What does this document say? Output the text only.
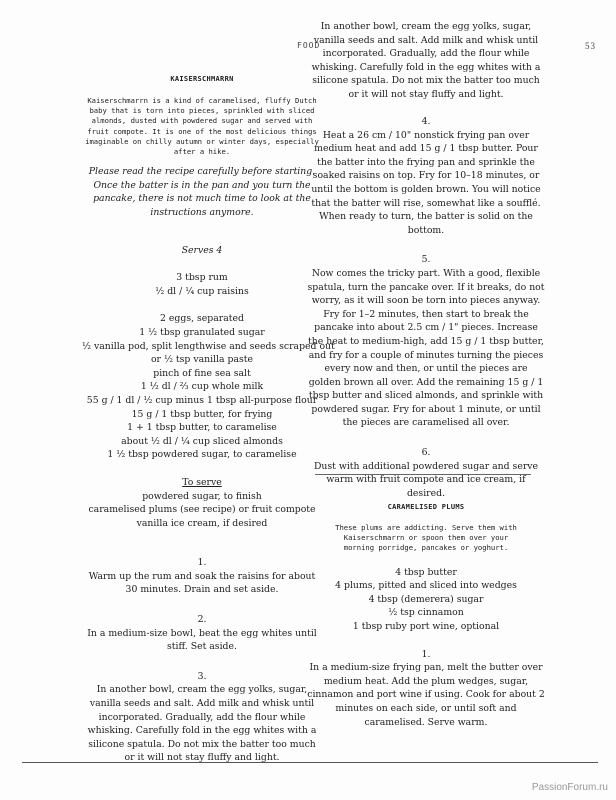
FOOD	53

KAISERSCHMARRN

Kaiserschmarrn is a kind of caramelised, fluffy Dutch baby that is torn into pieces, sprinkled with sliced almonds, dusted with powdered sugar and served with fruit compote. It is one of the most delicious things imaginable on chilly autumn or winter days, especially after a hike.

Please read the recipe carefully before starting. Once the batter is in the pan and you turn the pancake, there is not much time to look at the instructions anymore.

Serves 4

3 tbsp rum

½ dl / ¼ cup raisins

2 eggs, separated

1 ½ tbsp granulated sugar

½ vanilla pod, split lengthwise and seeds scraped out

or ½ tsp vanilla paste

pinch of fine sea salt

1 ½ dl / ⅔ cup whole milk

55 g / 1 dl / ½ cup minus 1 tbsp all-purpose flour

15 g / 1 tbsp butter, for frying

1 + 1 tbsp butter, to caramelise

about ½ dl / ¼ cup sliced almonds

1 ½ tbsp powdered sugar, to caramelise

To serve

powdered sugar, to finish

caramelised plums (see recipe) or fruit compote

vanilla ice cream, if desired

1.

Warm up the rum and soak the raisins for about 30 minutes. Drain and set aside.

2.

In a medium-size bowl, beat the egg whites until stiff. Set aside.

3.

In another bowl, cream the egg yolks, sugar, vanilla seeds and salt. Add milk and whisk until incorporated. Gradually, add the flour while whisking. Carefully fold in the egg whites with a silicone spatula. Do not mix the batter too much or it will not stay fluffy and light.

In another bowl, cream the egg yolks, sugar, vanilla seeds and salt. Add milk and whisk until incorporated. Gradually, add the flour while whisking. Carefully fold in the egg whites with a silicone spatula. Do not mix the batter too much or it will not stay fluffy and light.

4.

Heat a 26 cm / 10" nonstick frying pan over medium heat and add 15 g / 1 tbsp butter. Pour the batter into the frying pan and sprinkle the soaked raisins on top. Fry for 10–18 minutes, or until the bottom is golden brown. You will notice that the batter will rise, somewhat like a soufflé. When ready to turn, the batter is solid on the bottom.

5.

Now comes the tricky part. With a good, flexible spatula, turn the pancake over. If it breaks, do not worry, as it will soon be torn into pieces anyway. Fry for 1–2 minutes, then start to break the pancake into about 2.5 cm / 1" pieces. Increase the heat to medium-high, add 15 g / 1 tbsp butter, and fry for a couple of minutes turning the pieces every now and then, or until the pieces are golden brown all over. Add the remaining 15 g / 1 tbsp butter and sliced almonds, and sprinkle with powdered sugar. Fry for about 1 minute, or until the pieces are caramelised all over.

6.

Dust with additional powdered sugar and serve warm with fruit compote and ice cream, if desired.

CARAMELISED PLUMS

These plums are addicting. Serve them with Kaiserschmarrn or spoon them over your morning porridge, pancakes or yoghurt.

4 tbsp butter

4 plums, pitted and sliced into wedges

4 tbsp (demerera) sugar

½ tsp cinnamon

1 tbsp ruby port wine, optional

1.

In a medium-size frying pan, melt the butter over medium heat. Add the plum wedges, sugar, cinnamon and port wine if using. Cook for about 2 minutes on each side, or until soft and caramelised. Serve warm.

PassionForum.ru
